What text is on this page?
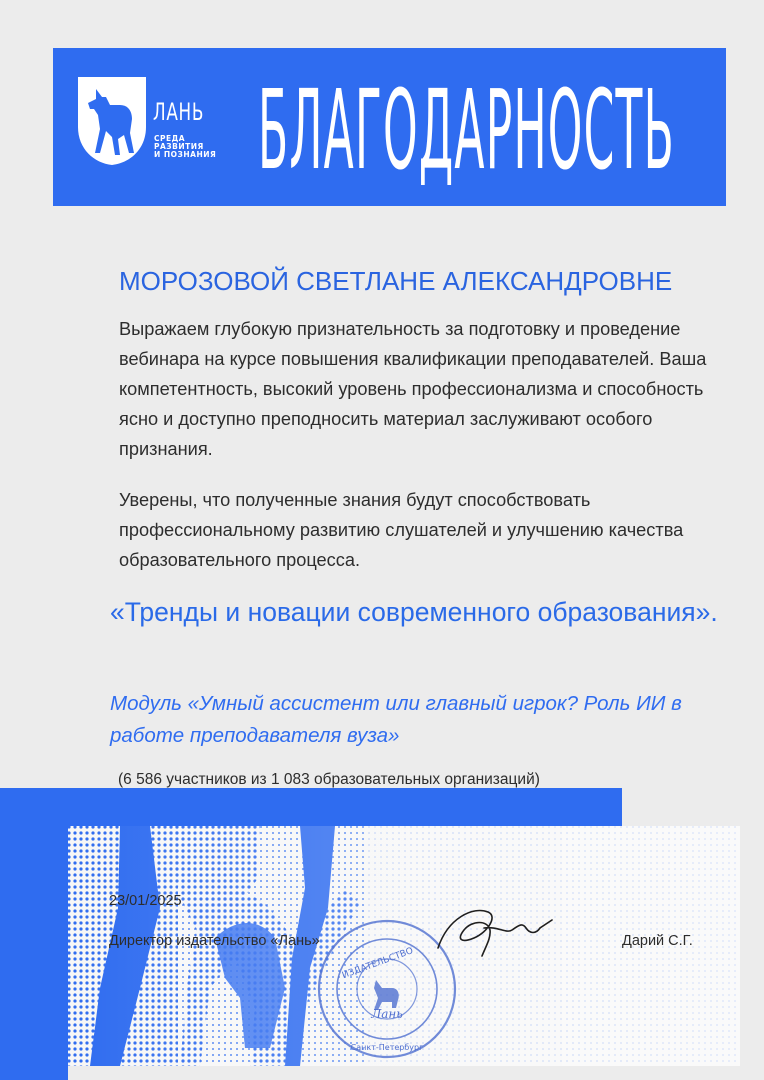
ЛАНЬ
СРЕДА
РАЗВИТИЯ
И ПОЗНАНИЯ БЛАГОДАРНОСТЬ
МОРОЗОВОЙ СВЕТЛАНЕ АЛЕКСАНДРОВНЕ
Выражаем глубокую признательность за подготовку и проведение вебинара на курсе повышения квалификации преподавателей. Ваша компетентность, высокий уровень профессионализма и способность ясно и доступно преподносить материал заслуживают особого признания.
Уверены, что полученные знания будут способствовать профессиональному развитию слушателей и улучшению качества образовательного процесса.
«Тренды и новации современного образования».
Модуль «Умный ассистент или главный игрок? Роль ИИ в работе преподавателя вуза»
(6 586 участников из 1 083 образовательных организаций)
23/01/2025
Директор издательство «Лань»	Дарий С.Г.
ИЗДАТЕЛЬСТВО
Лань
Санкт-Петербург
